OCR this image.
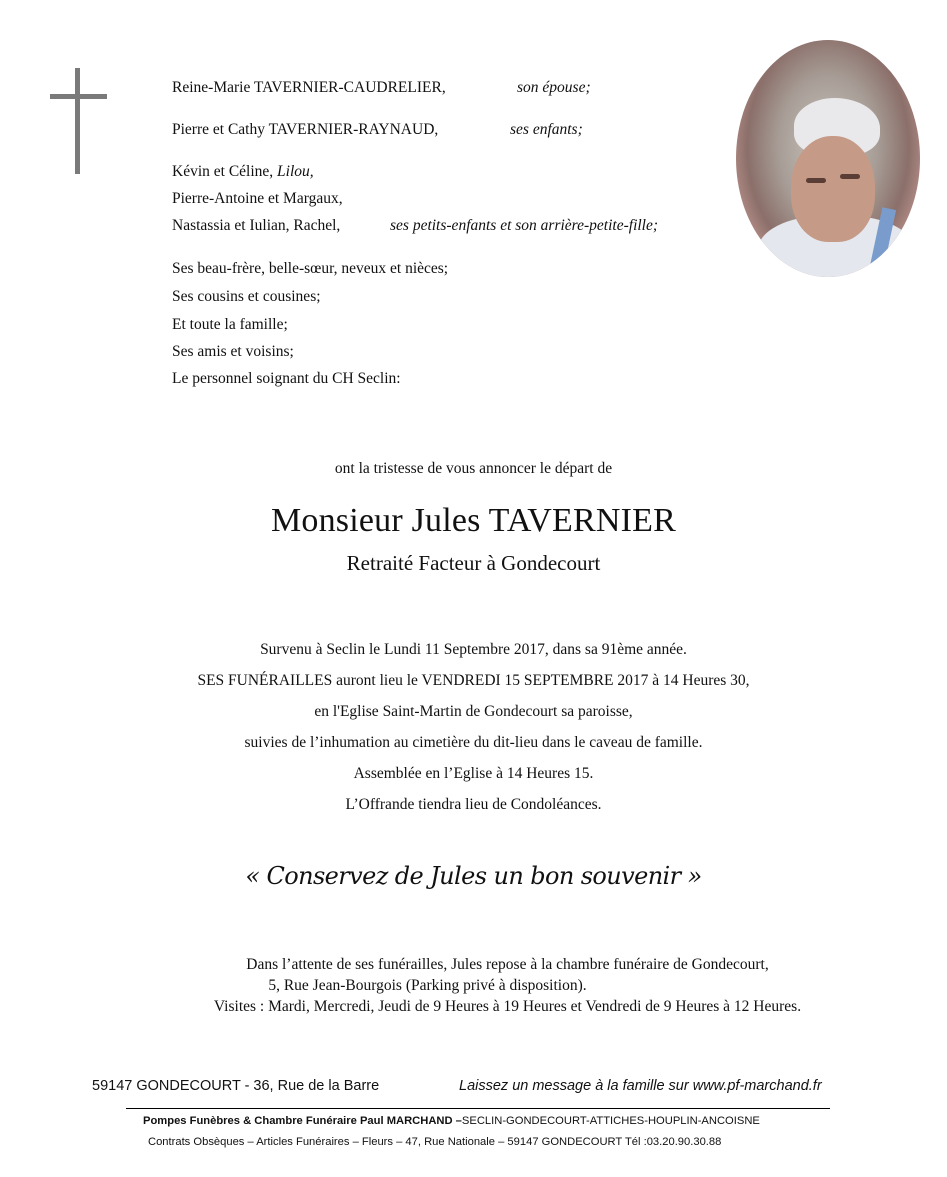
Reine-Marie TAVERNIER-CAUDRELIER,	son épouse;
Pierre et Cathy TAVERNIER-RAYNAUD,	ses enfants;
Kévin et Céline, Lilou,
Pierre-Antoine et Margaux,
Nastassia et Iulian, Rachel,	ses petits-enfants et son arrière-petite-fille;
Ses beau-frère, belle-sœur, neveux et nièces;
Ses cousins et cousines;
Et toute la famille;
Ses amis et voisins;
Le personnel soignant du CH Seclin:
ont la tristesse de vous annoncer le départ de
Monsieur Jules TAVERNIER
Retraité Facteur à Gondecourt
Survenu à Seclin le Lundi 11 Septembre 2017, dans sa 91ème année.
SES FUNÉRAILLES auront lieu le VENDREDI 15 SEPTEMBRE 2017 à 14 Heures 30,
en l'Eglise Saint-Martin de Gondecourt sa paroisse,
suivies de l’inhumation au cimetière du dit-lieu dans le caveau de famille.
Assemblée en l’Eglise à 14 Heures 15.
L’Offrande tiendra lieu de Condoléances.
« Conservez de Jules un bon souvenir »
Dans l’attente de ses funérailles, Jules repose à la chambre funéraire de Gondecourt,
5, Rue Jean-Bourgois (Parking privé à disposition).
Visites : Mardi, Mercredi, Jeudi de 9 Heures à 19 Heures et Vendredi de 9 Heures à 12 Heures.
59147 GONDECOURT - 36, Rue de la Barre	Laissez un message à la famille sur www.pf-marchand.fr
Pompes Funèbres & Chambre Funéraire Paul MARCHAND –SECLIN-GONDECOURT-ATTICHES-HOUPLIN-ANCOISNE
Contrats Obsèques – Articles Funéraires – Fleurs – 47, Rue Nationale – 59147 GONDECOURT Tél :03.20.90.30.88
